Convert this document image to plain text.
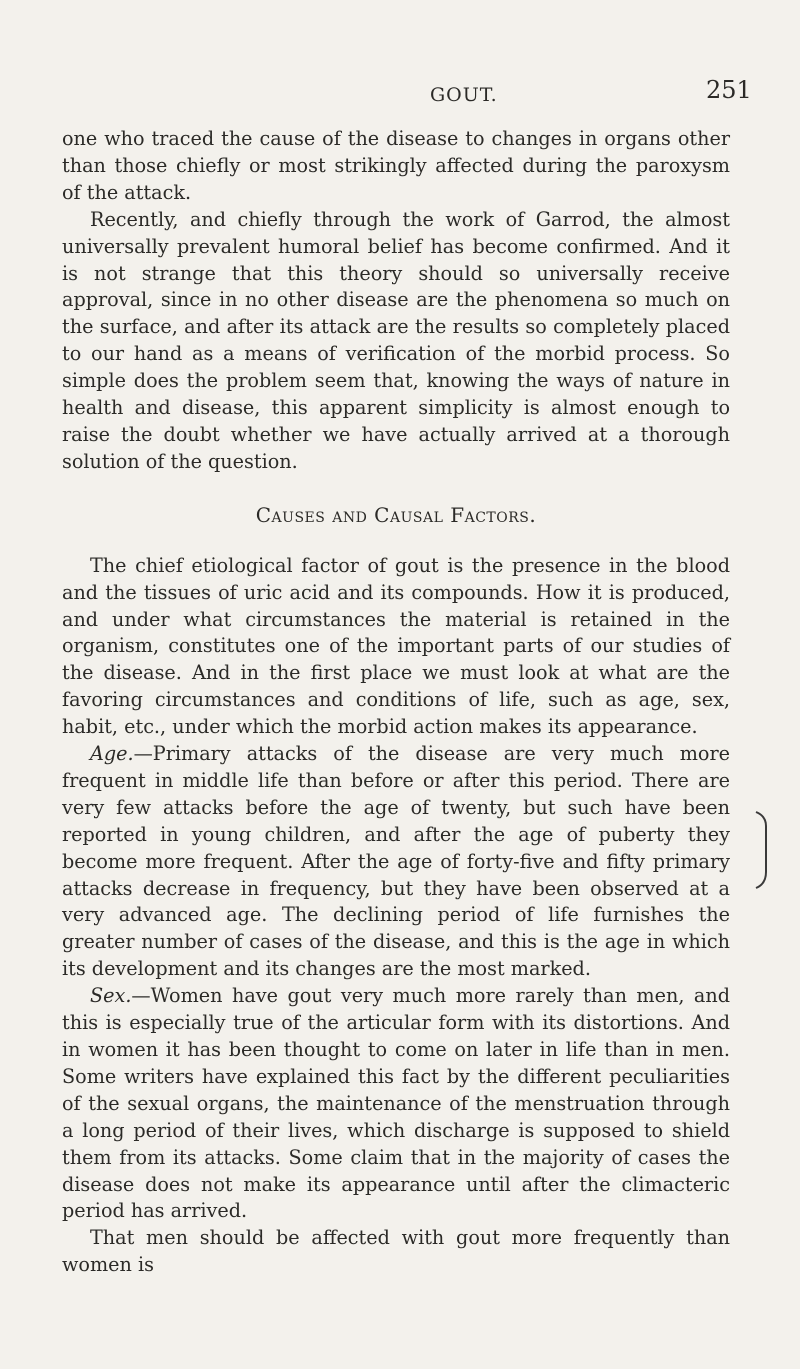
GOUT.	251

one who traced the cause of the disease to changes in organs other than those chiefly or most strikingly affected during the paroxysm of the attack.

Recently, and chiefly through the work of Garrod, the almost universally prevalent humoral belief has become confirmed. And it is not strange that this theory should so universally receive approval, since in no other disease are the phenomena so much on the surface, and after its attack are the results so completely placed to our hand as a means of verification of the morbid process. So simple does the problem seem that, knowing the ways of nature in health and disease, this apparent simplicity is almost enough to raise the doubt whether we have actually arrived at a thorough solution of the question.

Causes and Causal Factors.

The chief etiological factor of gout is the presence in the blood and the tissues of uric acid and its compounds. How it is produced, and under what circumstances the material is retained in the organism, constitutes one of the important parts of our studies of the disease. And in the first place we must look at what are the favoring circumstances and conditions of life, such as age, sex, habit, etc., under which the morbid action makes its appearance.

Age.—Primary attacks of the disease are very much more frequent in middle life than before or after this period. There are very few attacks before the age of twenty, but such have been reported in young children, and after the age of puberty they become more frequent. After the age of forty-five and fifty primary attacks decrease in frequency, but they have been observed at a very advanced age. The declining period of life furnishes the greater number of cases of the disease, and this is the age in which its development and its changes are the most marked.

Sex.—Women have gout very much more rarely than men, and this is especially true of the articular form with its distortions. And in women it has been thought to come on later in life than in men. Some writers have explained this fact by the different peculiarities of the sexual organs, the maintenance of the menstruation through a long period of their lives, which discharge is supposed to shield them from its attacks. Some claim that in the majority of cases the disease does not make its appearance until after the climacteric period has arrived.

That men should be affected with gout more frequently than women is
